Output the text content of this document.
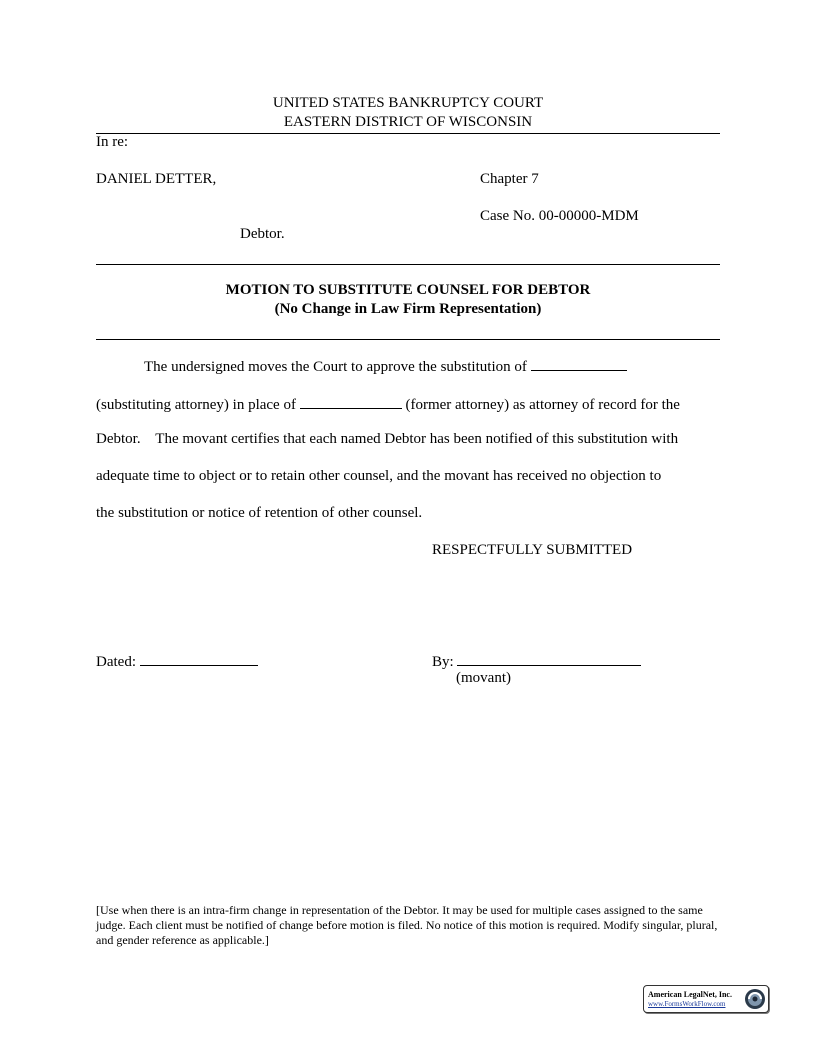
UNITED STATES BANKRUPTCY COURT
EASTERN DISTRICT OF WISCONSIN
In re:
DANIEL DETTER,	Chapter 7
Case No. 00-00000-MDM
Debtor.
MOTION TO SUBSTITUTE COUNSEL FOR DEBTOR
(No Change in Law Firm Representation)
The undersigned moves the Court to approve the substitution of
(substituting attorney) in place of	(former attorney) as attorney of record for the
Debtor.    The movant certifies that each named Debtor has been notified of this substitution with
adequate time to object or to retain other counsel, and the movant has received no objection to
the substitution or notice of retention of other counsel.
RESPECTFULLY SUBMITTED
Dated:	By:
(movant)
[Use when there is an intra-firm change in representation of the Debtor. It may be used for multiple cases assigned to the same judge. Each client must be notified of change before motion is filed. No notice of this motion is required. Modify singular, plural, and gender reference as applicable.]
American LegalNet, Inc.
www.FormsWorkFlow.com
